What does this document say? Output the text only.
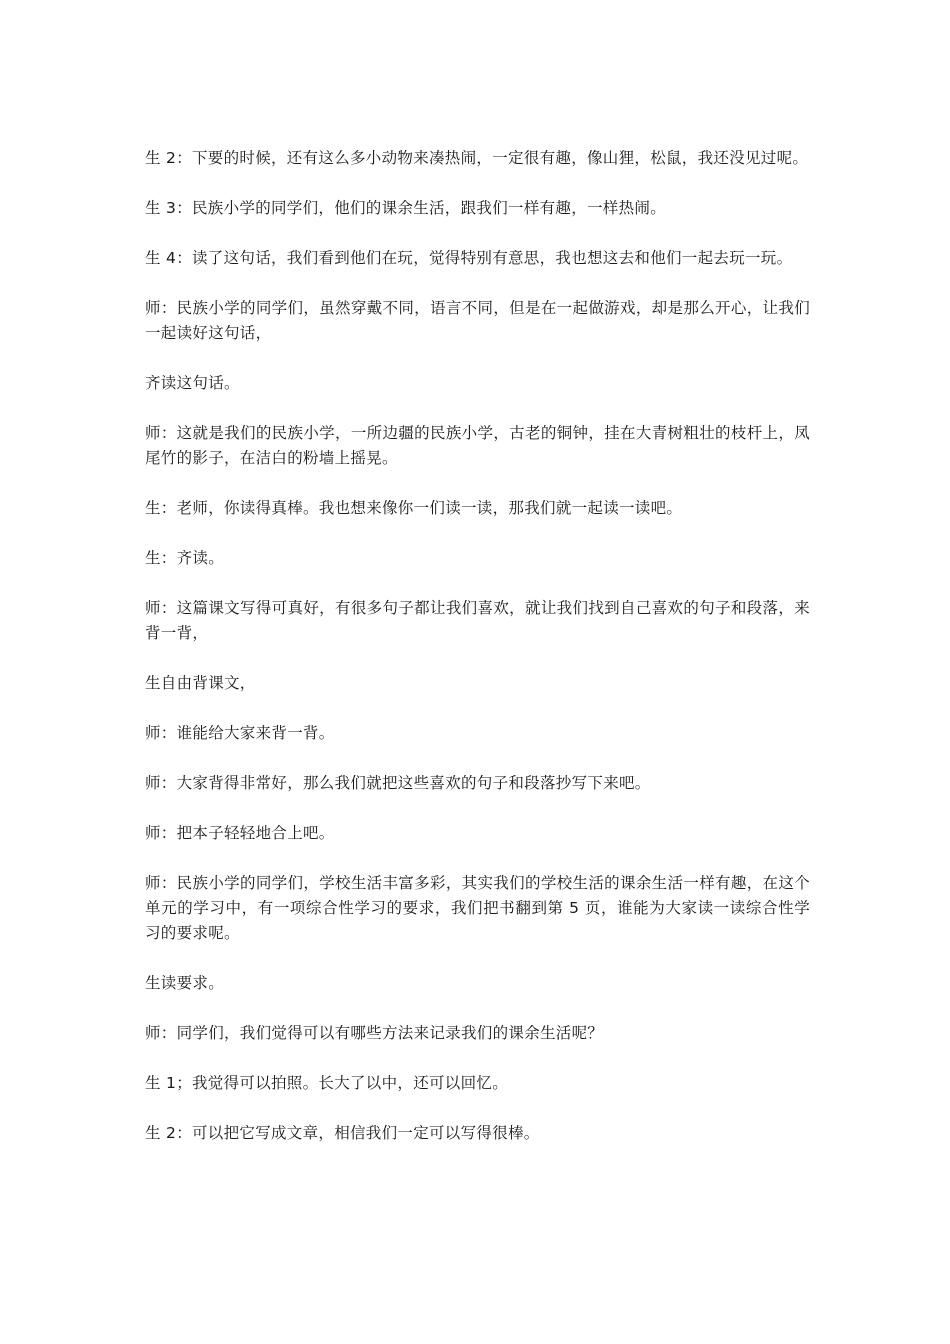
生 2：下要的时候，还有这么多小动物来凑热闹，一定很有趣，像山狸，松鼠，我还没见过呢。

生 3：民族小学的同学们，他们的课余生活，跟我们一样有趣，一样热闹。

生 4：读了这句话，我们看到他们在玩，觉得特别有意思，我也想这去和他们一起去玩一玩。

师：民族小学的同学们，虽然穿戴不同，语言不同，但是在一起做游戏，却是那么开心，让我们一起读好这句话，

齐读这句话。

师：这就是我们的民族小学，一所边疆的民族小学，古老的铜钟，挂在大青树粗壮的枝杆上，凤尾竹的影子，在洁白的粉墙上摇晃。

生：老师，你读得真棒。我也想来像你一们读一读，那我们就一起读一读吧。

生：齐读。

师：这篇课文写得可真好，有很多句子都让我们喜欢，就让我们找到自己喜欢的句子和段落，来背一背，

生自由背课文，

师：谁能给大家来背一背。

师：大家背得非常好，那么我们就把这些喜欢的句子和段落抄写下来吧。

师：把本子轻轻地合上吧。

师：民族小学的同学们，学校生活丰富多彩，其实我们的学校生活的课余生活一样有趣，在这个单元的学习中，有一项综合性学习的要求，我们把书翻到第 5 页，谁能为大家读一读综合性学习的要求呢。

生读要求。

师：同学们，我们觉得可以有哪些方法来记录我们的课余生活呢？

生 1；我觉得可以拍照。长大了以中，还可以回忆。

生 2：可以把它写成文章，相信我们一定可以写得很棒。
